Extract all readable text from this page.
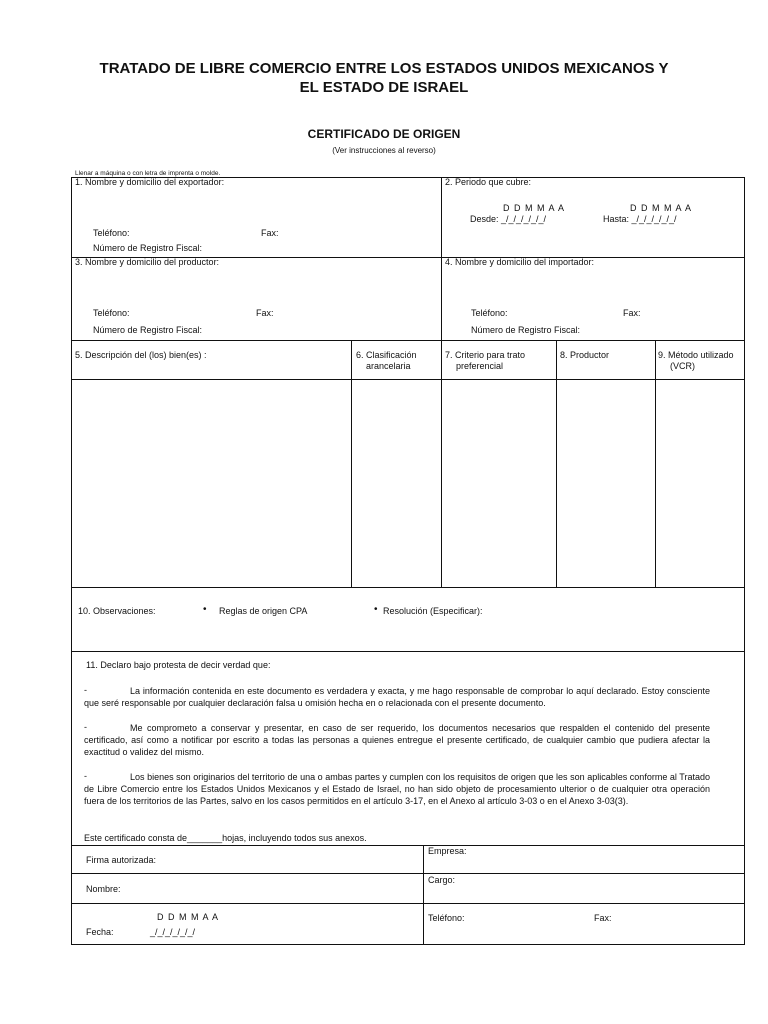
TRATADO DE LIBRE COMERCIO ENTRE LOS ESTADOS UNIDOS MEXICANOS Y
EL ESTADO DE ISRAEL
CERTIFICADO DE ORIGEN
(Ver instrucciones al reverso)
Llenar a máquina o con letra de imprenta o molde.
1. Nombre y domicilio del exportador:
Teléfono:	Fax:
Número de Registro Fiscal:
2. Periodo que cubre:
D D M M A A	D D M M A A
Desde: _/_/_/_/_/_/	Hasta: _/_/_/_/_/_/
3. Nombre y domicilio del productor:
Teléfono:	Fax:
Número de Registro Fiscal:
4. Nombre y domicilio del importador:
Teléfono:	Fax:
Número de Registro Fiscal:
5. Descripción del (los) bien(es) :	6. Clasificación
arancelaria
7. Criterio para trato
preferencial
8. Productor	9. Método utilizado
(VCR)
10. Observaciones:	• Reglas de origen CPA	• Resolución (Especificar):
11. Declaro bajo protesta de decir verdad que:
-	La información contenida en este documento es verdadera y exacta, y me hago responsable de comprobar lo aquí declarado. Estoy consciente que seré responsable por cualquier declaración falsa u omisión hecha en o relacionada con el presente documento.
-	Me comprometo a conservar y presentar, en caso de ser requerido, los documentos necesarios que respalden el contenido del presente certificado, así como a notificar por escrito a todas las personas a quienes entregue el presente certificado, de cualquier cambio que pudiera afectar la exactitud o validez del mismo.
-	Los bienes son originarios del territorio de una o ambas partes y cumplen con los requisitos de origen que les son aplicables conforme al Tratado de Libre Comercio entre los Estados Unidos Mexicanos y el Estado de Israel, no han sido objeto de procesamiento ulterior o de cualquier otra operación fuera de los territorios de las Partes, salvo en los casos permitidos en el artículo 3-17, en el Anexo al artículo 3-03 o en el Anexo 3-03(3).
Este certificado consta de_______hojas, incluyendo todos sus anexos.
Firma autorizada:
Empresa:
Nombre:
Cargo:
D D M M A A
Fecha:	_/_/_/_/_/_/
Teléfono:	Fax:
